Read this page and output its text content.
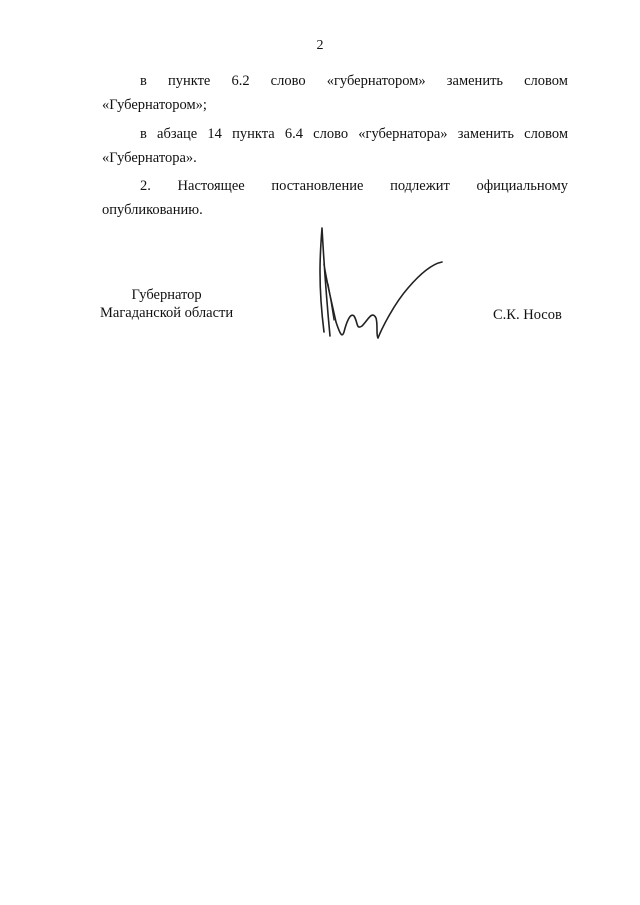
2
в пункте 6.2 слово «губернатором» заменить словом
«Губернатором»;
в абзаце 14 пункта 6.4 слово «губернатора» заменить словом
«Губернатора».
2. Настоящее постановление подлежит официальному
опубликованию.
Губернатор
Магаданской области	С.К. Носов
